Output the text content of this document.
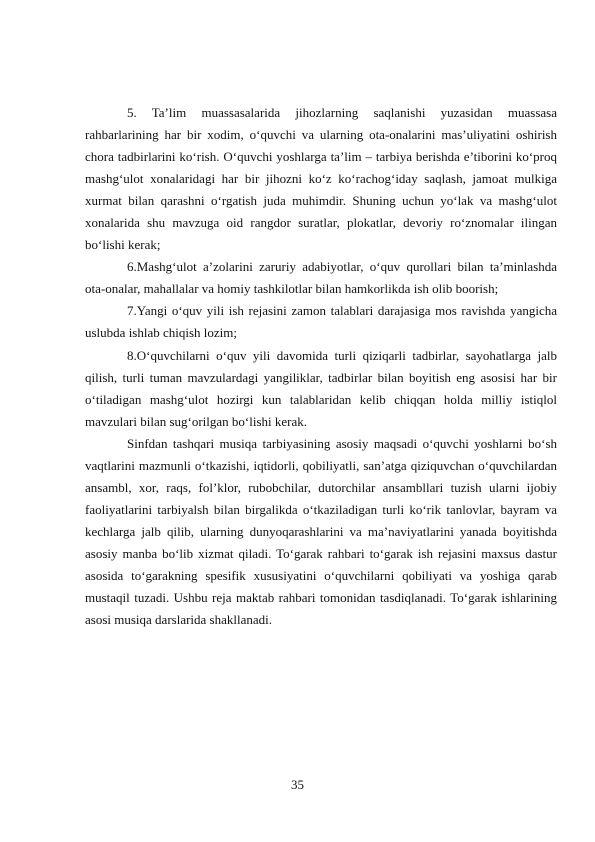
5. Ta’lim muassasalarida jihozlarning saqlanishi yuzasidan muassasa rahbarlarining har bir xodim, o‘quvchi va ularning ota-onalarini mas’uliyatini oshirish chora tadbirlarini ko‘rish. O‘quvchi yoshlarga ta’lim – tarbiya berishda e’tiborini ko‘proq mashg‘ulot xonalaridagi har bir jihozni ko‘z ko‘rachog‘iday saqlash, jamoat mulkiga xurmat bilan qarashni o‘rgatish juda muhimdir. Shuning uchun yo‘lak va mashg‘ulot xonalarida shu mavzuga oid rangdor suratlar, plokatlar, devoriy ro‘znomalar ilingan bo‘lishi kerak;

6.Mashg‘ulot a’zolarini zaruriy adabiyotlar, o‘quv qurollari bilan ta’minlashda ota-onalar, mahallalar va homiy tashkilotlar bilan hamkorlikda ish olib boorish;

7.Yangi o‘quv yili ish rejasini zamon talablari darajasiga mos ravishda yangicha uslubda ishlab chiqish lozim;

8.O‘quvchilarni o‘quv yili davomida turli qiziqarli tadbirlar, sayohatlarga jalb qilish, turli tuman mavzulardagi yangiliklar, tadbirlar bilan boyitish eng asosisi har bir o‘tiladigan mashg‘ulot hozirgi kun talablaridan kelib chiqqan holda milliy istiqlol mavzulari bilan sug‘orilgan bo‘lishi kerak.

Sinfdan tashqari musiqa tarbiyasining asosiy maqsadi o‘quvchi yoshlarni bo‘sh vaqtlarini mazmunli o‘tkazishi, iqtidorli, qobiliyatli, san’atga qiziquvchan o‘quvchilardan ansambl, xor, raqs, fol’klor, rubobchilar, dutorchilar ansambllari tuzish ularni ijobiy faoliyatlarini tarbiyalsh bilan birgalikda o‘tkaziladigan turli ko‘rik tanlovlar, bayram va kechlarga jalb qilib, ularning dunyoqarashlarini va ma’naviyatlarini yanada boyitishda asosiy manba bo‘lib xizmat qiladi. To‘garak rahbari to‘garak ish rejasini maxsus dastur asosida to‘garakning spesifik xususiyatini o‘quvchilarni qobiliyati va yoshiga qarab mustaqil tuzadi. Ushbu reja maktab rahbari tomonidan tasdiqlanadi. To‘garak ishlarining asosi musiqa darslarida shakllanadi.

35
